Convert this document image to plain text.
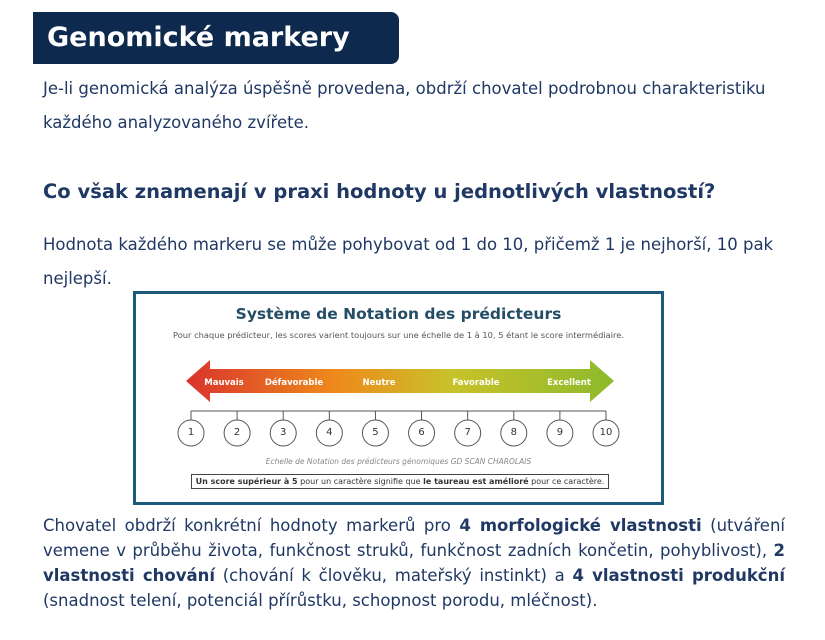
Genomické markery

Je-li genomická analýza úspěšně provedena, obdrží chovatel podrobnou charakteristiku každého analyzovaného zvířete.

Co však znamenají v praxi hodnoty u jednotlivých vlastností?

Hodnota každého markeru se může pohybovat od 1 do 10, přičemž 1 je nejhorší, 10 pak nejlepší.

Système de Notation des prédicteurs
Pour chaque prédicteur, les scores varient toujours sur une échelle de 1 à 10, 5 étant le score intermédiaire.
Mauvais Défavorable	Neutre	Favorable	Excellent
1	2	3	4	5	6	7	8	9	10
Echelle de Notation des prédicteurs génomiques GD SCAN CHAROLAIS
Un score supérieur à 5 pour un caractère signifie que le taureau est amélioré pour ce caractère.

Chovatel obdrží konkrétní hodnoty markerů pro 4 morfologické vlastnosti (utváření vemene v průběhu života, funkčnost struků, funkčnost zadních končetin, pohyblivost), 2 vlastnosti chování (chování k člověku, mateřský instinkt) a 4 vlastnosti produkční (snadnost telení, potenciál přírůstku, schopnost porodu, mléčnost).
